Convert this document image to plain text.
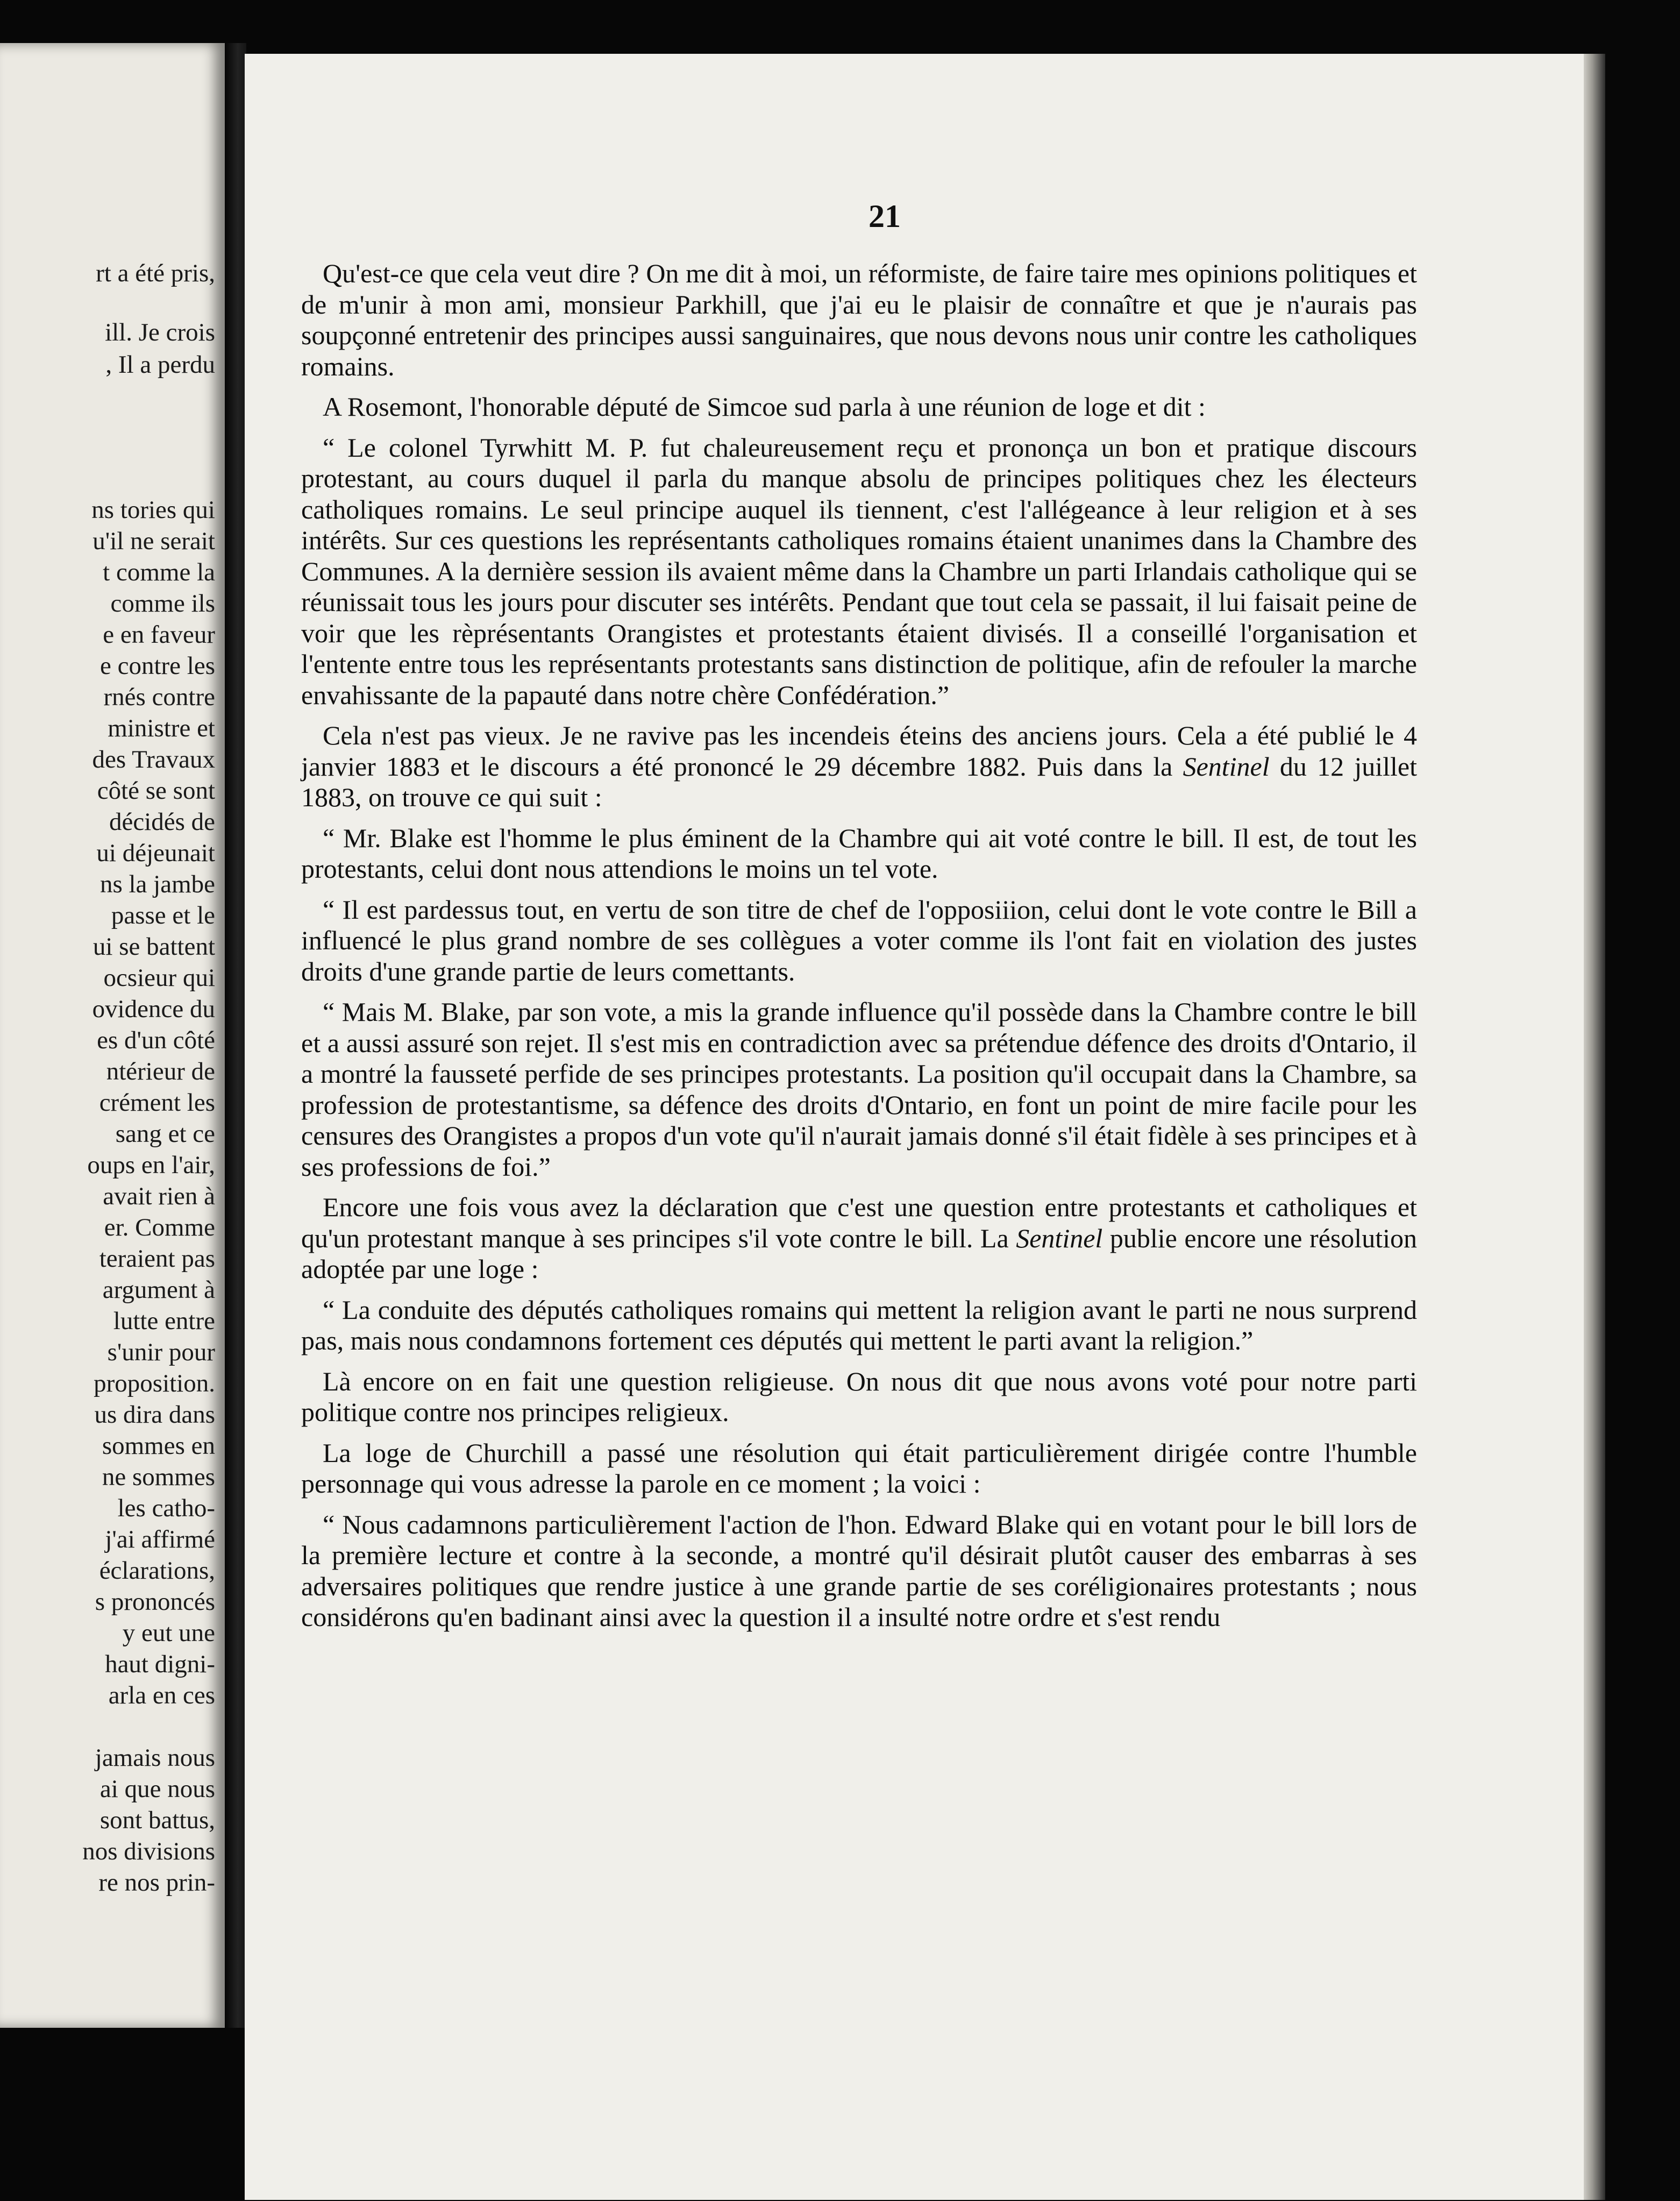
rt a été pris,
ill. Je crois
, Il a perdu
ns tories qui
u'il ne serait
t comme la
comme ils
e en faveur
e contre les
rnés contre
ministre et
des Travaux
côté se sont
décidés de
ui déjeunait
ns la jambe
passe et le
ui se battent
ocsieur qui
ovidence du
es d'un côté
ntérieur de
crément les
sang et ce
oups en l'air,
avait rien à
er. Comme
teraient pas
argument à
lutte entre
s'unir pour
proposition.
us dira dans
sommes en
ne sommes
les catho-
j'ai affirmé
éclarations,
s prononcés
y eut une
haut digni-
arla en ces
jamais nous
ai que nous
sont battus,
nos divisions
re nos prin-
21

Qu'est-ce que cela veut dire ? On me dit à moi, un réformiste, de faire taire mes opinions politiques et de m'unir à mon ami, monsieur Parkhill, que j'ai eu le plaisir de connaître et que je n'aurais pas soupçonné entretenir des principes aussi sanguinaires, que nous devons nous unir contre les catholiques romains.

A Rosemont, l'honorable député de Simcoe sud parla à une réunion de loge et dit :

“ Le colonel Tyrwhitt M. P. fut chaleureusement reçu et prononça un bon et pratique discours protestant, au cours duquel il parla du manque absolu de principes politiques chez les électeurs catholiques romains. Le seul principe auquel ils tiennent, c'est l'allégeance à leur religion et à ses intérêts. Sur ces questions les représentants catholiques romains étaient unanimes dans la Chambre des Communes. A la dernière session ils avaient même dans la Chambre un parti Irlandais catholique qui se réunissait tous les jours pour discuter ses intérêts. Pendant que tout cela se passait, il lui faisait peine de voir que les rèprésentants Orangistes et protestants étaient divisés. Il a conseillé l'organisation et l'entente entre tous les représentants protestants sans distinction de politique, afin de refouler la marche envahissante de la papauté dans notre chère Confédération.”

Cela n'est pas vieux. Je ne ravive pas les incendeis éteins des anciens jours. Cela a été publié le 4 janvier 1883 et le discours a été prononcé le 29 décembre 1882. Puis dans la Sentinel du 12 juillet 1883, on trouve ce qui suit :

“ Mr. Blake est l'homme le plus éminent de la Chambre qui ait voté contre le bill. Il est, de tout les protestants, celui dont nous attendions le moins un tel vote.

“ Il est pardessus tout, en vertu de son titre de chef de l'opposiiion, celui dont le vote contre le Bill a influencé le plus grand nombre de ses collègues a voter comme ils l'ont fait en violation des justes droits d'une grande partie de leurs comettants.

“ Mais M. Blake, par son vote, a mis la grande influence qu'il possède dans la Chambre contre le bill et a aussi assuré son rejet. Il s'est mis en contradiction avec sa prétendue défence des droits d'Ontario, il a montré la fausseté perfide de ses principes protestants. La position qu'il occupait dans la Chambre, sa profession de protestantisme, sa défence des droits d'Ontario, en font un point de mire facile pour les censures des Orangistes a propos d'un vote qu'il n'aurait jamais donné s'il était fidèle à ses principes et à ses professions de foi.”

Encore une fois vous avez la déclaration que c'est une question entre protestants et catholiques et qu'un protestant manque à ses principes s'il vote contre le bill. La Sentinel publie encore une résolution adoptée par une loge :

“ La conduite des députés catholiques romains qui mettent la religion avant le parti ne nous surprend pas, mais nous condamnons fortement ces députés qui mettent le parti avant la religion.”

Là encore on en fait une question religieuse. On nous dit que nous avons voté pour notre parti politique contre nos principes religieux.

La loge de Churchill a passé une résolution qui était particulièrement dirigée contre l'humble personnage qui vous adresse la parole en ce moment ; la voici :

“ Nous cadamnons particulièrement l'action de l'hon. Edward Blake qui en votant pour le bill lors de la première lecture et contre à la seconde, a montré qu'il désirait plutôt causer des embarras à ses adversaires politiques que rendre justice à une grande partie de ses coréligionaires protestants ; nous considérons qu'en badinant ainsi avec la question il a insulté notre ordre et s'est rendu
